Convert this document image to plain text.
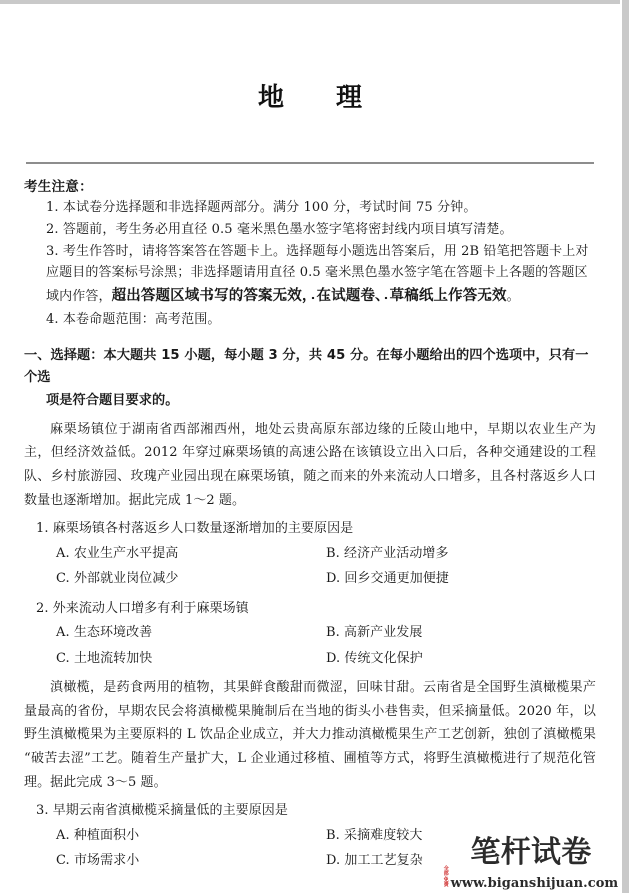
地　理

考生注意：

1. 本试卷分选择题和非选择题两部分。满分 100 分，考试时间 75 分钟。
2. 答题前，考生务必用直径 0.5 毫米黑色墨水签字笔将密封线内项目填写清楚。
3. 考生作答时，请将答案答在答题卡上。选择题每小题选出答案后，用 2B 铅笔把答题卡上对应题目的答案标号涂黑；非选择题请用直径 0.5 毫米黑色墨水签字笔在答题卡上各题的答题区域内作答，超出答题区域书写的答案无效，在试题卷、草稿纸上作答无效。
4. 本卷命题范围：高考范围。

一、选择题：本大题共 15 小题，每小题 3 分，共 45 分。在每小题给出的四个选项中，只有一个选
项是符合题目要求的。

麻栗场镇位于湖南省西部湘西州，地处云贵高原东部边缘的丘陵山地中，早期以农业生产为主，但经济效益低。2012 年穿过麻栗场镇的高速公路在该镇设立出入口后，各种交通建设的工程队、乡村旅游园、玫瑰产业园出现在麻栗场镇，随之而来的外来流动人口增多，且各村落返乡人口数量也逐渐增加。据此完成 1～2 题。

1. 麻栗场镇各村落返乡人口数量逐渐增加的主要原因是

A. 农业生产水平提高	B. 经济产业活动增多
C. 外部就业岗位减少	D. 回乡交通更加便捷

2. 外来流动人口增多有利于麻栗场镇

A. 生态环境改善	B. 高新产业发展
C. 土地流转加快	D. 传统文化保护

滇橄榄，是药食两用的植物，其果鲜食酸甜而微涩，回味甘甜。云南省是全国野生滇橄榄果产量最高的省份，早期农民会将滇橄榄果腌制后在当地的街头小巷售卖，但采摘量低。2020 年，以野生滇橄榄果为主要原料的 L 饮品企业成立，并大力推动滇橄榄果生产工艺创新，独创了滇橄榄果“破苦去涩”工艺。随着生产量扩大，L 企业通过移植、圃植等方式，将野生滇橄榄进行了规范化管理。据此完成 3～5 题。

3. 早期云南省滇橄榄采摘量低的主要原因是

A. 种植面积小	B. 采摘难度较大
C. 市场需求小	D. 加工工艺复杂	笔杆试卷
全部免费 www.biganshijuan.com
